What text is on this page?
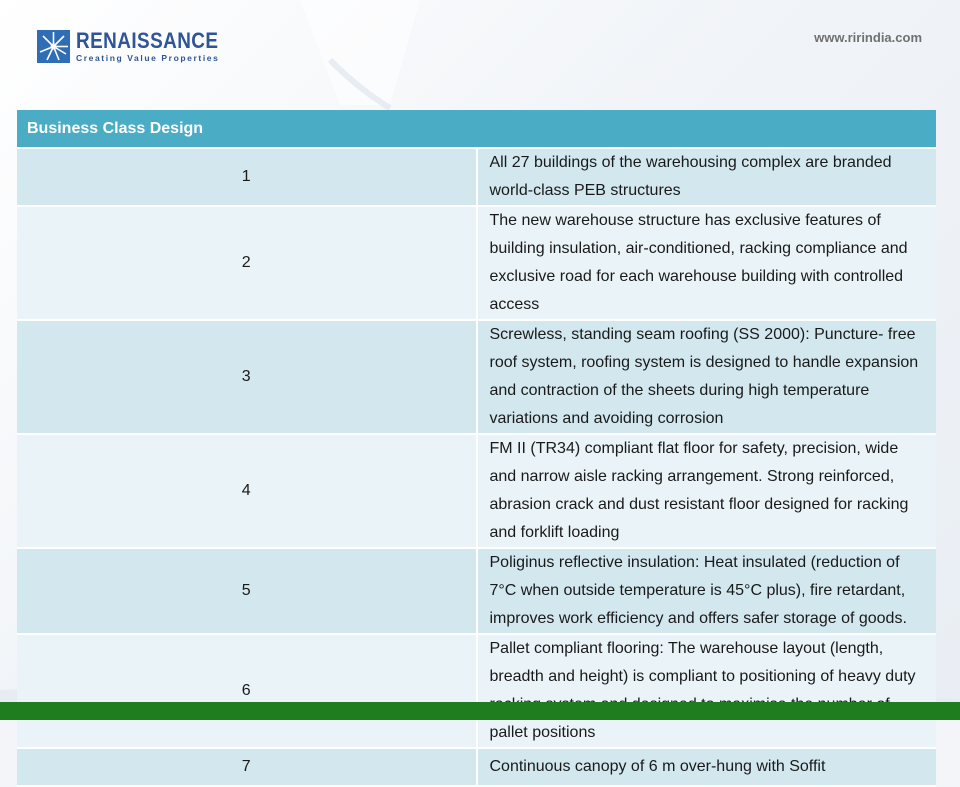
RENAISSANCE
Creating Value Properties
www.ririndia.com
Business Class Design	
1	All 27 buildings of the warehousing complex are branded world-class PEB structures
2	The new warehouse structure has exclusive features of building insulation, air-conditioned, racking compliance and exclusive road for each warehouse building with controlled access
3	Screwless, standing seam roofing (SS 2000): Puncture- free roof system, roofing system is designed to handle expansion and contraction of the sheets during high temperature variations and avoiding corrosion
4	FM II (TR34) compliant flat floor for safety, precision, wide and narrow aisle racking arrangement. Strong reinforced, abrasion crack and dust resistant floor designed for racking and forklift loading
5	Poliginus reflective insulation: Heat insulated (reduction of 7°C when outside temperature is 45°C plus), fire retardant, improves work efficiency and offers safer storage of goods.
6	Pallet compliant flooring: The warehouse layout (length, breadth and height) is compliant to positioning of heavy duty pallet positions
7	Continuous canopy of 6 m over-hung with Soffit
